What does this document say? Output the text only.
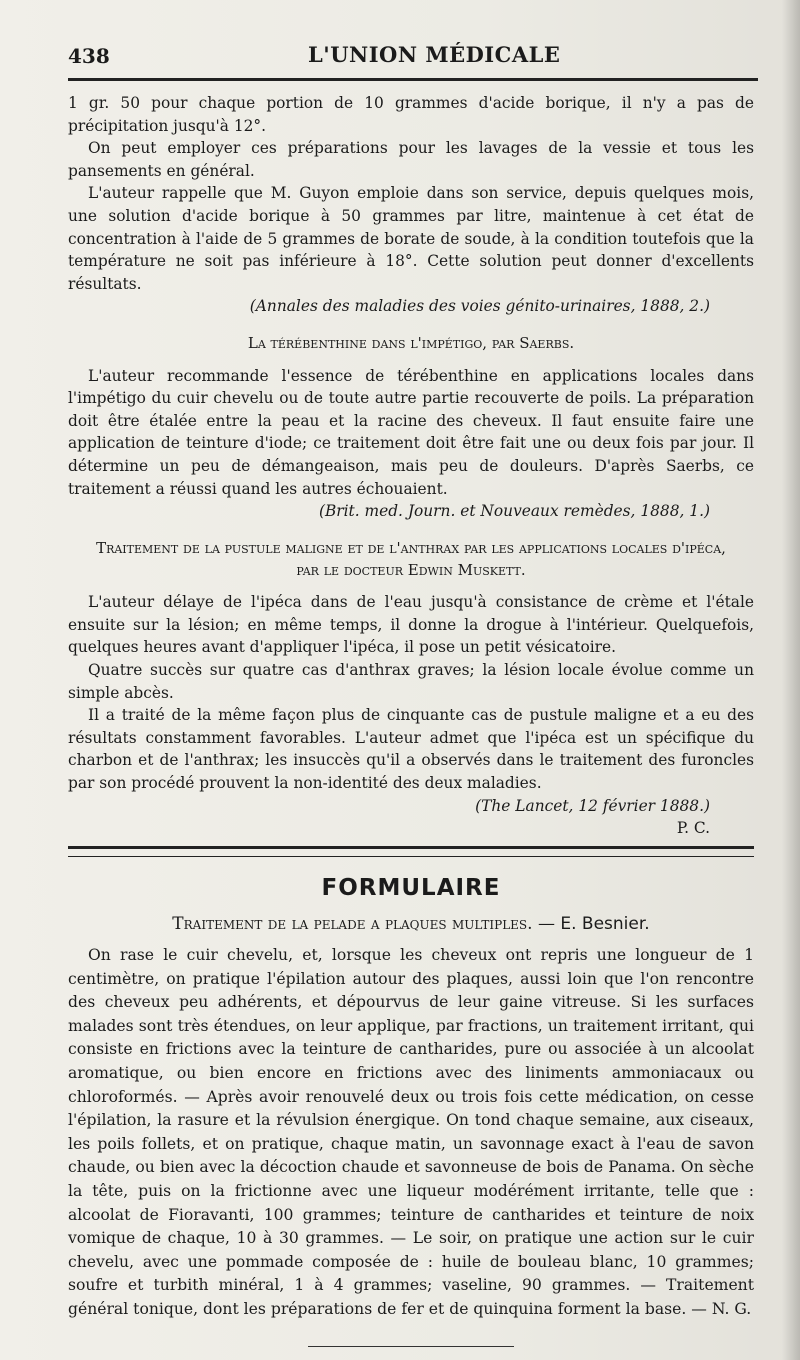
438	L'UNION MÉDICALE

1 gr. 50 pour chaque portion de 10 grammes d'acide borique, il n'y a pas de précipitation jusqu'à 12°.

On peut employer ces préparations pour les lavages de la vessie et tous les pansements en général.

L'auteur rappelle que M. Guyon emploie dans son service, depuis quelques mois, une solution d'acide borique à 50 grammes par litre, maintenue à cet état de concentration à l'aide de 5 grammes de borate de soude, à la condition toutefois que la température ne soit pas inférieure à 18°. Cette solution peut donner d'excellents résultats.

(Annales des maladies des voies génito-urinaires, 1888, 2.)

La térébenthine dans l'impétigo, par Saerbs.

L'auteur recommande l'essence de térébenthine en applications locales dans l'impétigo du cuir chevelu ou de toute autre partie recouverte de poils. La préparation doit être étalée entre la peau et la racine des cheveux. Il faut ensuite faire une application de teinture d'iode; ce traitement doit être fait une ou deux fois par jour. Il détermine un peu de démangeaison, mais peu de douleurs. D'après Saerbs, ce traitement a réussi quand les autres échouaient.

(Brit. med. Journ. et Nouveaux remèdes, 1888, 1.)

Traitement de la pustule maligne et de l'anthrax par les applications locales d'ipéca,

par le docteur Edwin Muskett.

L'auteur délaye de l'ipéca dans de l'eau jusqu'à consistance de crème et l'étale ensuite sur la lésion; en même temps, il donne la drogue à l'intérieur. Quelquefois, quelques heures avant d'appliquer l'ipéca, il pose un petit vésicatoire.

Quatre succès sur quatre cas d'anthrax graves; la lésion locale évolue comme un simple abcès.

Il a traité de la même façon plus de cinquante cas de pustule maligne et a eu des résultats constamment favorables. L'auteur admet que l'ipéca est un spécifique du charbon et de l'anthrax; les insuccès qu'il a observés dans le traitement des furoncles par son procédé prouvent la non-identité des deux maladies.

(The Lancet, 12 février 1888.)

P. C.

FORMULAIRE
Traitement de la pelade a plaques multiples. — E. Besnier.

On rase le cuir chevelu, et, lorsque les cheveux ont repris une longueur de 1 centimètre, on pratique l'épilation autour des plaques, aussi loin que l'on rencontre des cheveux peu adhérents, et dépourvus de leur gaine vitreuse. Si les surfaces malades sont très étendues, on leur applique, par fractions, un traitement irritant, qui consiste en frictions avec la teinture de cantharides, pure ou associée à un alcoolat aromatique, ou bien encore en frictions avec des liniments ammoniacaux ou chloroformés. — Après avoir renouvelé deux ou trois fois cette médication, on cesse l'épilation, la rasure et la révulsion énergique. On tond chaque semaine, aux ciseaux, les poils follets, et on pratique, chaque matin, un savonnage exact à l'eau de savon chaude, ou bien avec la décoction chaude et savonneuse de bois de Panama. On sèche la tête, puis on la frictionne avec une liqueur modérément irritante, telle que : alcoolat de Fioravanti, 100 grammes; teinture de cantharides et teinture de noix vomique de chaque, 10 à 30 grammes. — Le soir, on pratique une action sur le cuir chevelu, avec une pommade composée de : huile de bouleau blanc, 10 grammes; soufre et turbith minéral, 1 à 4 grammes; vaseline, 90 grammes. — Traitement général tonique, dont les préparations de fer et de quinquina forment la base. — N. G.
